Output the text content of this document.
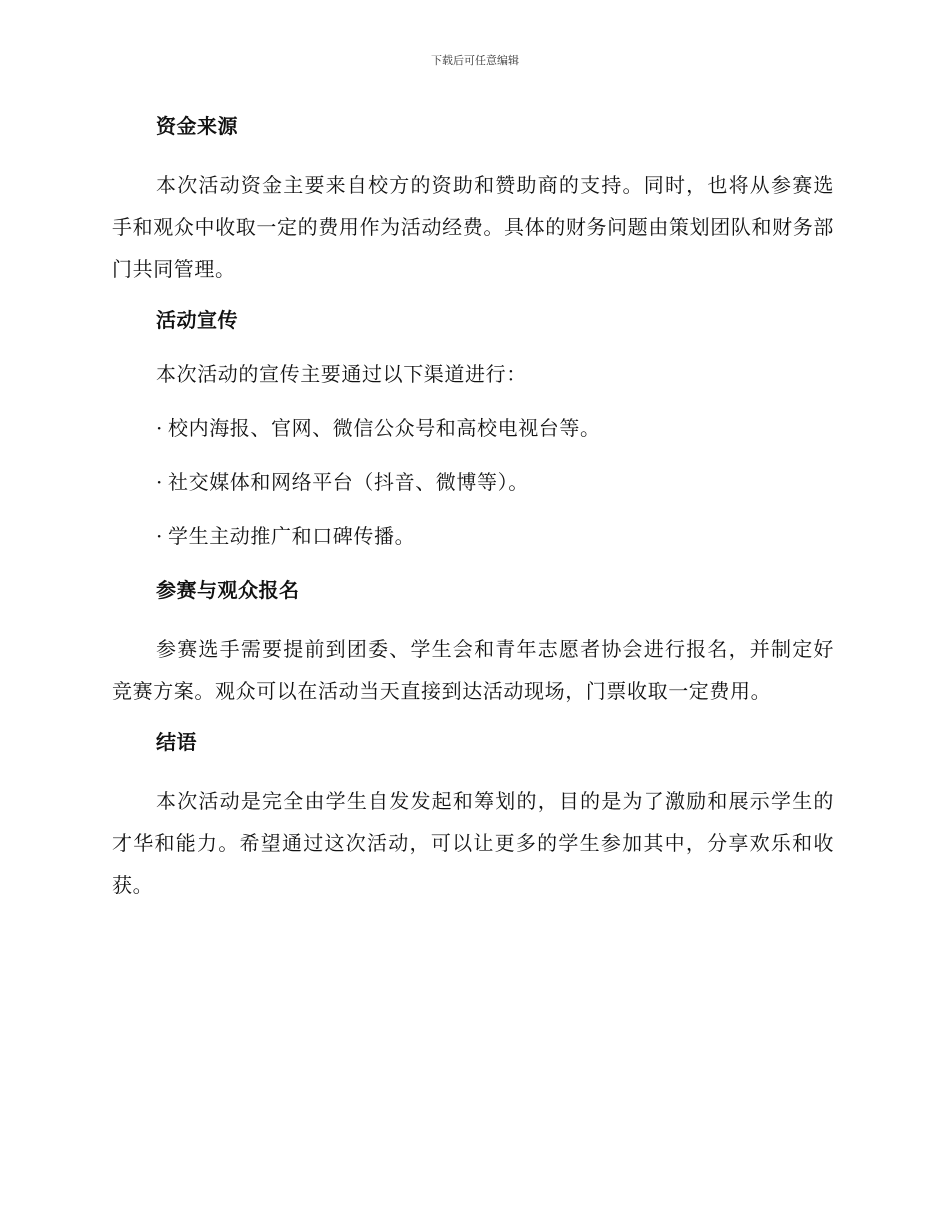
下载后可任意编辑
资金来源

本次活动资金主要来自校方的资助和赞助商的支持。同时，也将从参赛选手和观众中收取一定的费用作为活动经费。具体的财务问题由策划团队和财务部门共同管理。

活动宣传

本次活动的宣传主要通过以下渠道进行：

· 校内海报、官网、微信公众号和高校电视台等。
· 社交媒体和网络平台（抖音、微博等）。
· 学生主动推广和口碑传播。
参赛与观众报名

参赛选手需要提前到团委、学生会和青年志愿者协会进行报名，并制定好竞赛方案。观众可以在活动当天直接到达活动现场，门票收取一定费用。

结语

本次活动是完全由学生自发发起和筹划的，目的是为了激励和展示学生的才华和能力。希望通过这次活动，可以让更多的学生参加其中，分享欢乐和收获。
